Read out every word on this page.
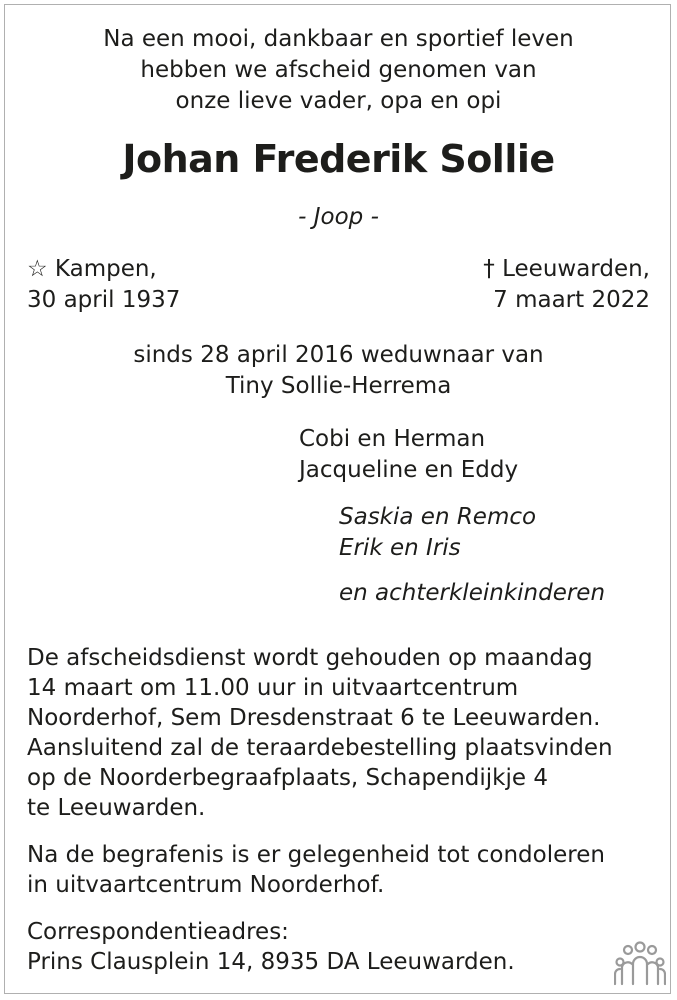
Na een mooi, dankbaar en sportief leven
hebben we afscheid genomen van
onze lieve vader, opa en opi
Johan Frederik Sollie
- Joop -
☆ Kampen,
30 april 1937
† Leeuwarden,
7 maart 2022
sinds 28 april 2016 weduwnaar van
Tiny Sollie-Herrema
Cobi en Herman
Jacqueline en Eddy
Saskia en Remco
Erik en Iris
en achterkleinkinderen
De afscheidsdienst wordt gehouden op maandag
14 maart om 11.00 uur in uitvaartcentrum
Noorderhof, Sem Dresdenstraat 6 te Leeuwarden.
Aansluitend zal de teraardebestelling plaatsvinden
op de Noorderbegraafplaats, Schapendijkje 4
te Leeuwarden.
Na de begrafenis is er gelegenheid tot condoleren
in uitvaartcentrum Noorderhof.
Correspondentieadres:
Prins Clausplein 14, 8935 DA Leeuwarden.
